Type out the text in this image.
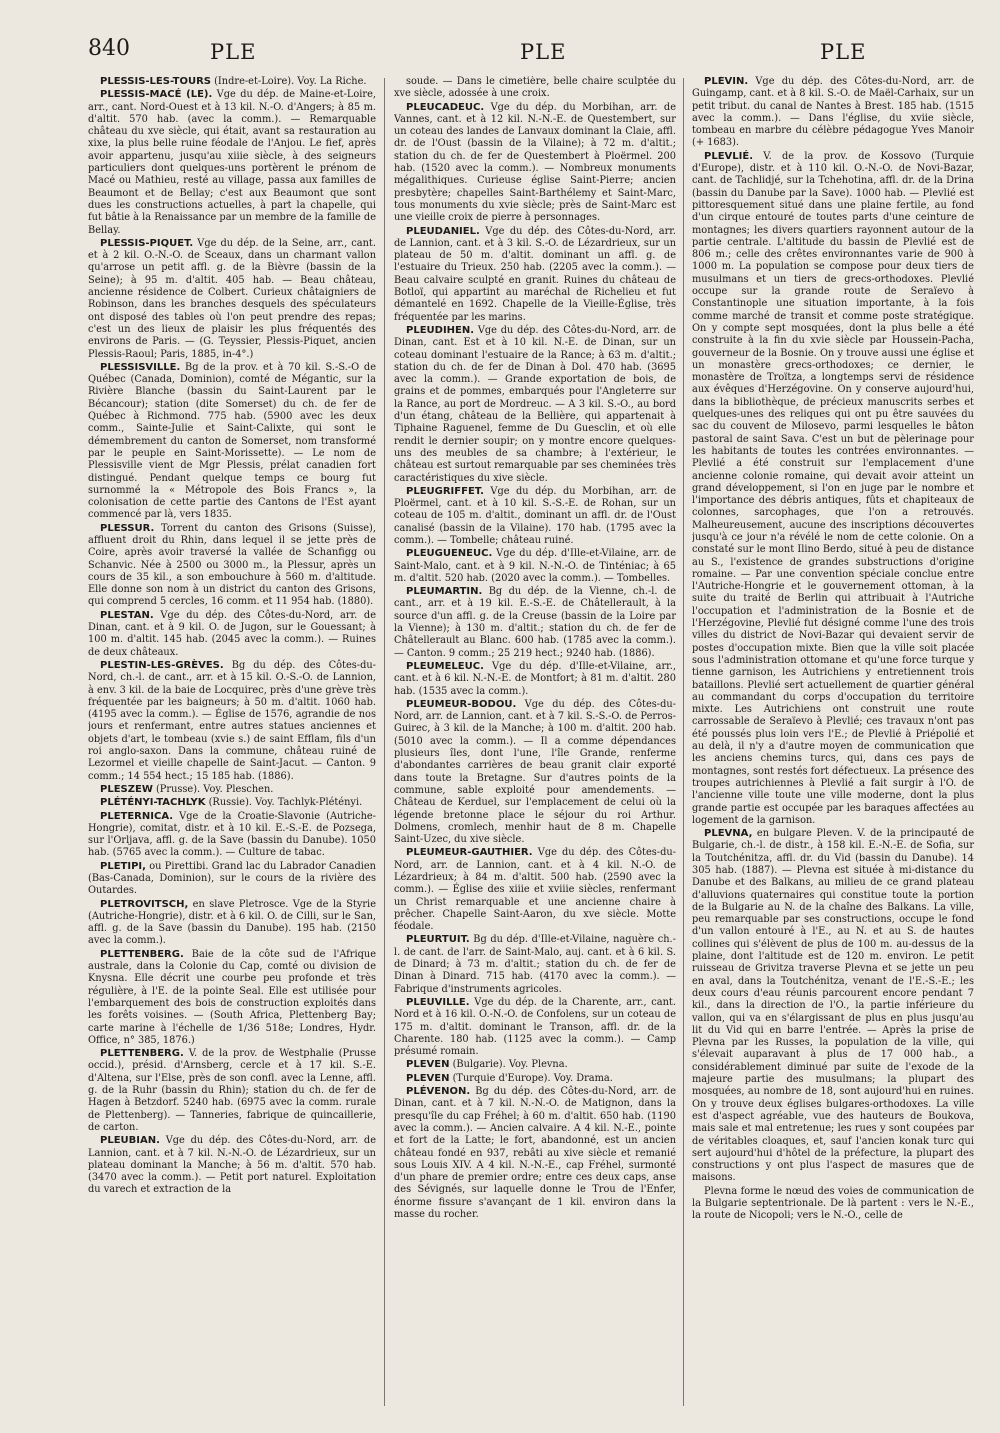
840	PLE	PLE	PLE

PLESSIS-LÈS-TOURS (Indre-et-Loire). Voy. La Riche.

PLESSIS-MACÉ (LE). Vge du dép. de Maine-et-Loire, arr., cant. Nord-Ouest et à 13 kil. N.-O. d'Angers; à 85 m. d'altit. 570 hab. (avec la comm.). — Remarquable château du xve siècle, qui était, avant sa restauration au xixe, la plus belle ruine féodale de l'Anjou. Le fief, après avoir appartenu, jusqu'au xiiie siècle, à des seigneurs particuliers dont quelques-uns portèrent le prénom de Macé ou Mathieu, resté au village, passa aux familles de Beaumont et de Bellay; c'est aux Beaumont que sont dues les constructions actuelles, à part la chapelle, qui fut bâtie à la Renaissance par un membre de la famille de Bellay.

PLESSIS-PIQUET. Vge du dép. de la Seine, arr., cant. et à 2 kil. O.-N.-O. de Sceaux, dans un charmant vallon qu'arrose un petit affl. g. de la Bièvre (bassin de la Seine); à 95 m. d'altit. 405 hab. — Beau château, ancienne résidence de Colbert. Curieux châtaigniers de Robinson, dans les branches desquels des spéculateurs ont disposé des tables où l'on peut prendre des repas; c'est un des lieux de plaisir les plus fréquentés des environs de Paris. — (G. Teyssier, Plessis-Piquet, ancien Plessis-Raoul; Paris, 1885, in-4°.)

PLESSISVILLE. Bg de la prov. et à 70 kil. S.-S.-O de Québec (Canada, Dominion), comté de Mégantic, sur la Rivière Blanche (bassin du Saint-Laurent par le Bécancour); station (dite Somerset) du ch. de fer de Québec à Richmond. 775 hab. (5900 avec les deux comm., Sainte-Julie et Saint-Calixte, qui sont le démembrement du canton de Somerset, nom transformé par le peuple en Saint-Morissette). — Le nom de Plessisville vient de Mgr Plessis, prélat canadien fort distingué. Pendant quelque temps ce bourg fut surnommé la « Métropole des Bois Francs », la colonisation de cette partie des Cantons de l'Est ayant commencé par là, vers 1835.

PLESSUR. Torrent du canton des Grisons (Suisse), affluent droit du Rhin, dans lequel il se jette près de Coire, après avoir traversé la vallée de Schanfigg ou Schanvic. Née à 2500 ou 3000 m., la Plessur, après un cours de 35 kil., a son embouchure à 560 m. d'altitude. Elle donne son nom à un district du canton des Grisons, qui comprend 5 cercles, 16 comm. et 11 954 hab. (1880).

PLESTAN. Vge du dép. des Côtes-du-Nord, arr. de Dinan, cant. et à 9 kil. O. de Jugon, sur le Gouessant; à 100 m. d'altit. 145 hab. (2045 avec la comm.). — Ruines de deux châteaux.

PLESTIN-LES-GRÈVES. Bg du dép. des Côtes-du-Nord, ch.-l. de cant., arr. et à 15 kil. O.-S.-O. de Lannion, à env. 3 kil. de la baie de Locquirec, près d'une grève très fréquentée par les baigneurs; à 50 m. d'altit. 1060 hab. (4195 avec la comm.). — Église de 1576, agrandie de nos jours et renfermant, entre autres statues anciennes et objets d'art, le tombeau (xvie s.) de saint Efflam, fils d'un roi anglo-saxon. Dans la commune, château ruiné de Lezormel et vieille chapelle de Saint-Jacut. — Canton. 9 comm.; 14 554 hect.; 15 185 hab. (1886).

PLESZEW (Prusse). Voy. Pleschen.

PLÉTÉNYI-TACHLYK (Russie). Voy. Tachlyk-Plétényi.

PLETERNICA. Vge de la Croatie-Slavonie (Autriche-Hongrie), comitat, distr. et à 10 kil. E.-S.-E. de Pozsega, sur l'Orljava, affl. g. de la Save (bassin du Danube). 1050 hab. (5765 avec la comm.). — Culture de tabac.

PLETIPI, ou Pirettibi. Grand lac du Labrador Canadien (Bas-Canada, Dominion), sur le cours de la rivière des Outardes.

PLETROVITSCH, en slave Pletrosce. Vge de la Styrie (Autriche-Hongrie), distr. et à 6 kil. O. de Cilli, sur le San, affl. g. de la Save (bassin du Danube). 195 hab. (2150 avec la comm.).

PLETTENBERG. Baie de la côte sud de l'Afrique australe, dans la Colonie du Cap, comté ou division de Knysna. Elle décrit une courbe peu profonde et très régulière, à l'E. de la pointe Seal. Elle est utilisée pour l'embarquement des bois de construction exploités dans les forêts voisines. — (South Africa, Plettenberg Bay; carte marine à l'échelle de 1/36 518e; Londres, Hydr. Office, n° 385, 1876.)

PLETTENBERG. V. de la prov. de Westphalie (Prusse occid.), présid. d'Arnsberg, cercle et à 17 kil. S.-E. d'Altena, sur l'Else, près de son confl. avec la Lenne, affl. g. de la Ruhr (bassin du Rhin); station du ch. de fer de Hagen à Betzdorf. 5240 hab. (6975 avec la comm. rurale de Plettenberg). — Tanneries, fabrique de quincaillerie, de carton.

PLEUBIAN. Vge du dép. des Côtes-du-Nord, arr. de Lannion, cant. et à 7 kil. N.-N.-O. de Lézardrieux, sur un plateau dominant la Manche; à 56 m. d'altit. 570 hab. (3470 avec la comm.). — Petit port naturel. Exploitation du varech et extraction de la

soude. — Dans le cimetière, belle chaire sculptée du xve siècle, adossée à une croix.

PLEUCADEUC. Vge du dép. du Morbihan, arr. de Vannes, cant. et à 12 kil. N.-N.-E. de Questembert, sur un coteau des landes de Lanvaux dominant la Claie, affl. dr. de l'Oust (bassin de la Vilaine); à 72 m. d'altit.; station du ch. de fer de Questembert à Ploërmel. 200 hab. (1520 avec la comm.). — Nombreux monuments mégalithiques. Curieuse église Saint-Pierre; ancien presbytère; chapelles Saint-Barthélemy et Saint-Marc, tous monuments du xvie siècle; près de Saint-Marc est une vieille croix de pierre à personnages.

PLEUDANIEL. Vge du dép. des Côtes-du-Nord, arr. de Lannion, cant. et à 3 kil. S.-O. de Lézardrieux, sur un plateau de 50 m. d'altit. dominant un affl. g. de l'estuaire du Trieux. 250 hab. (2205 avec la comm.). — Beau calvaire sculpté en granit. Ruines du château de Botloï, qui appartint au maréchal de Richelieu et fut démantelé en 1692. Chapelle de la Vieille-Église, très fréquentée par les marins.

PLEUDIHEN. Vge du dép. des Côtes-du-Nord, arr. de Dinan, cant. Est et à 10 kil. N.-E. de Dinan, sur un coteau dominant l'estuaire de la Rance; à 63 m. d'altit.; station du ch. de fer de Dinan à Dol. 470 hab. (3695 avec la comm.). — Grande exportation de bois, de grains et de pommes, embarqués pour l'Angleterre sur la Rance, au port de Mordreuc. — A 3 kil. S.-O., au bord d'un étang, château de la Bellière, qui appartenait à Tiphaine Raguenel, femme de Du Guesclin, et où elle rendit le dernier soupir; on y montre encore quelques-uns des meubles de sa chambre; à l'extérieur, le château est surtout remarquable par ses cheminées très caractéristiques du xive siècle.

PLEUGRIFFET. Vge du dép. du Morbihan, arr. de Ploërmel, cant. et à 10 kil. S.-S.-E. de Rohan, sur un coteau de 105 m. d'altit., dominant un affl. dr. de l'Oust canalisé (bassin de la Vilaine). 170 hab. (1795 avec la comm.). — Tombelle; château ruiné.

PLEUGUENEUC. Vge du dép. d'Ille-et-Vilaine, arr. de Saint-Malo, cant. et à 9 kil. N.-N.-O. de Tinténiac; à 65 m. d'altit. 520 hab. (2020 avec la comm.). — Tombelles.

PLEUMARTIN. Bg du dép. de la Vienne, ch.-l. de cant., arr. et à 19 kil. E.-S.-E. de Châtellerault, à la source d'un affl. g. de la Creuse (bassin de la Loire par la Vienne); à 130 m. d'altit.; station du ch. de fer de Châtellerault au Blanc. 600 hab. (1785 avec la comm.). — Canton. 9 comm.; 25 219 hect.; 9240 hab. (1886).

PLEUMELEUC. Vge du dép. d'Ille-et-Vilaine, arr., cant. et à 6 kil. N.-N.-E. de Montfort; à 81 m. d'altit. 280 hab. (1535 avec la comm.).

PLEUMEUR-BODOU. Vge du dép. des Côtes-du-Nord, arr. de Lannion, cant. et à 7 kil. S.-S.-O. de Perros-Guirec, à 3 kil. de la Manche; à 100 m. d'altit. 200 hab. (5010 avec la comm.). — Il a comme dépendances plusieurs îles, dont l'une, l'île Grande, renferme d'abondantes carrières de beau granit clair exporté dans toute la Bretagne. Sur d'autres points de la commune, sable exploité pour amendements. — Château de Kerduel, sur l'emplacement de celui où la légende bretonne place le séjour du roi Arthur. Dolmens, cromlech, menhir haut de 8 m. Chapelle Saint-Uzec, du xive siècle.

PLEUMEUR-GAUTHIER. Vge du dép. des Côtes-du-Nord, arr. de Lannion, cant. et à 4 kil. N.-O. de Lézardrieux; à 84 m. d'altit. 500 hab. (2590 avec la comm.). — Église des xiiie et xviiie siècles, renfermant un Christ remarquable et une ancienne chaire à prêcher. Chapelle Saint-Aaron, du xve siècle. Motte féodale.

PLEURTUIT. Bg du dép. d'Ille-et-Vilaine, naguère ch.-l. de cant. de l'arr. de Saint-Malo, auj. cant. et à 6 kil. S. de Dinard; à 73 m. d'altit.; station du ch. de fer de Dinan à Dinard. 715 hab. (4170 avec la comm.). — Fabrique d'instruments agricoles.

PLEUVILLE. Vge du dép. de la Charente, arr., cant. Nord et à 16 kil. O.-N.-O. de Confolens, sur un coteau de 175 m. d'altit. dominant le Transon, affl. dr. de la Charente. 180 hab. (1125 avec la comm.). — Camp présumé romain.

PLEVEN (Bulgarie). Voy. Plevna.

PLEVEN (Turquie d'Europe). Voy. Drama.

PLÉVENON. Bg du dép. des Côtes-du-Nord, arr. de Dinan, cant. et à 7 kil. N.-N.-O. de Matignon, dans la presqu'île du cap Fréhel; à 60 m. d'altit. 650 hab. (1190 avec la comm.). — Ancien calvaire. A 4 kil. N.-E., pointe et fort de la Latte; le fort, abandonné, est un ancien château fondé en 937, rebâti au xive siècle et remanié sous Louis XIV. A 4 kil. N.-N.-E., cap Fréhel, surmonté d'un phare de premier ordre; entre ces deux caps, anse des Sévignés, sur laquelle donne le Trou de l'Enfer, énorme fissure s'avançant de 1 kil. environ dans la masse du rocher.

PLÉVIN. Vge du dép. des Côtes-du-Nord, arr. de Guingamp, cant. et à 8 kil. S.-O. de Maël-Carhaix, sur un petit tribut. du canal de Nantes à Brest. 185 hab. (1515 avec la comm.). — Dans l'église, du xviie siècle, tombeau en marbre du célèbre pédagogue Yves Manoir (+ 1683).

PLEVLIÉ. V. de la prov. de Kossovo (Turquie d'Europe), distr. et à 110 kil. O.-N.-O. de Novi-Bazar, cant. de Tachlidjé, sur la Tchehotina, affl. dr. de la Drina (bassin du Danube par la Save). 1000 hab. — Plevlié est pittoresquement situé dans une plaine fertile, au fond d'un cirque entouré de toutes parts d'une ceinture de montagnes; les divers quartiers rayonnent autour de la partie centrale. L'altitude du bassin de Plevlié est de 806 m.; celle des crêtes environnantes varie de 900 à 1000 m. La population se compose pour deux tiers de musulmans et un tiers de grecs-orthodoxes. Plevlié occupe sur la grande route de Seraïevo à Constantinople une situation importante, à la fois comme marché de transit et comme poste stratégique. On y compte sept mosquées, dont la plus belle a été construite à la fin du xvie siècle par Houssein-Pacha, gouverneur de la Bosnie. On y trouve aussi une église et un monastère grecs-orthodoxes; ce dernier, le monastère de Troïtza, a longtemps servi de résidence aux évêques d'Herzégovine. On y conserve aujourd'hui, dans la bibliothèque, de précieux manuscrits serbes et quelques-unes des reliques qui ont pu être sauvées du sac du couvent de Milosevo, parmi lesquelles le bâton pastoral de saint Sava. C'est un but de pèlerinage pour les habitants de toutes les contrées environnantes. — Plevlié a été construit sur l'emplacement d'une ancienne colonie romaine, qui devait avoir atteint un grand développement, si l'on en juge par le nombre et l'importance des débris antiques, fûts et chapiteaux de colonnes, sarcophages, que l'on a retrouvés. Malheureusement, aucune des inscriptions découvertes jusqu'à ce jour n'a révélé le nom de cette colonie. On a constaté sur le mont Ilino Berdo, situé à peu de distance au S., l'existence de grandes substructions d'origine romaine. — Par une convention spéciale conclue entre l'Autriche-Hongrie et le gouvernement ottoman, à la suite du traité de Berlin qui attribuait à l'Autriche l'occupation et l'administration de la Bosnie et de l'Herzégovine, Plevlié fut désigné comme l'une des trois villes du district de Novi-Bazar qui devaient servir de postes d'occupation mixte. Bien que la ville soit placée sous l'administration ottomane et qu'une force turque y tienne garnison, les Autrichiens y entretiennent trois bataillons. Plevlié sert actuellement de quartier général au commandant du corps d'occupation du territoire mixte. Les Autrichiens ont construit une route carrossable de Seraïevo à Plevlié; ces travaux n'ont pas été poussés plus loin vers l'E.; de Plevlié à Priépolié et au delà, il n'y a d'autre moyen de communication que les anciens chemins turcs, qui, dans ces pays de montagnes, sont restés fort défectueux. La présence des troupes autrichiennes à Plevlié a fait surgir à l'O. de l'ancienne ville toute une ville moderne, dont la plus grande partie est occupée par les baraques affectées au logement de la garnison.

PLEVNA, en bulgare Pleven. V. de la principauté de Bulgarie, ch.-l. de distr., à 158 kil. E.-N.-E. de Sofia, sur la Toutchénitza, affl. dr. du Vid (bassin du Danube). 14 305 hab. (1887). — Plevna est située à mi-distance du Danube et des Balkans, au milieu de ce grand plateau d'alluvions quaternaires qui constitue toute la portion de la Bulgarie au N. de la chaîne des Balkans. La ville, peu remarquable par ses constructions, occupe le fond d'un vallon entouré à l'E., au N. et au S. de hautes collines qui s'élèvent de plus de 100 m. au-dessus de la plaine, dont l'altitude est de 120 m. environ. Le petit ruisseau de Grivitza traverse Plevna et se jette un peu en aval, dans la Toutchénitza, venant de l'E.-S.-E.; les deux cours d'eau réunis parcourent encore pendant 7 kil., dans la direction de l'O., la partie inférieure du vallon, qui va en s'élargissant de plus en plus jusqu'au lit du Vid qui en barre l'entrée. — Après la prise de Plevna par les Russes, la population de la ville, qui s'élevait auparavant à plus de 17 000 hab., a considérablement diminué par suite de l'exode de la majeure partie des musulmans; la plupart des mosquées, au nombre de 18, sont aujourd'hui en ruines. On y trouve deux églises bulgares-orthodoxes. La ville est d'aspect agréable, vue des hauteurs de Boukova, mais sale et mal entretenue; les rues y sont coupées par de véritables cloaques, et, sauf l'ancien konak turc qui sert aujourd'hui d'hôtel de la préfecture, la plupart des constructions y ont plus l'aspect de masures que de maisons.

Plevna forme le nœud des voies de communication de la Bulgarie septentrionale. De là partent : vers le N.-E., la route de Nicopoli; vers le N.-O., celle de
